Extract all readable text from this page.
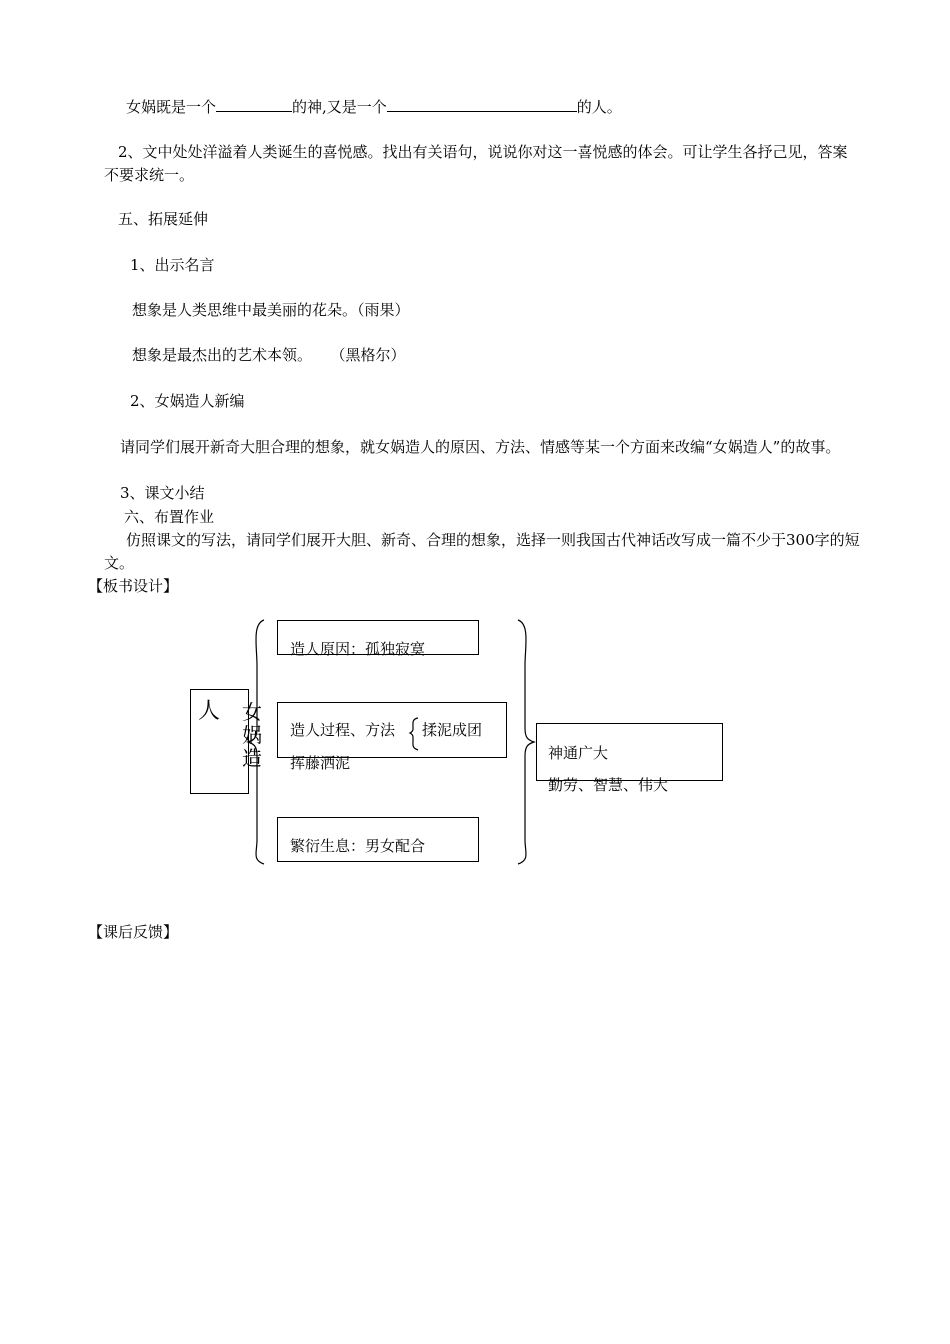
女娲既是一个	的神,又是一个	的人。
2、文中处处洋溢着人类诞生的喜悦感。找出有关语句，说说你对这一喜悦感的体会。可让学生各抒己见，答案不要求统一。
五、拓展延伸
1、出示名言
想象是人类思维中最美丽的花朵。（雨果）
想象是最杰出的艺术本领。 （黑格尔）
2、女娲造人新编
请同学们展开新奇大胆合理的想象，就女娲造人的原因、方法、情感等某一个方面来改编“女娲造人”的故事。
3、课文小结
六、布置作业
仿照课文的写法，请同学们展开大胆、新奇、合理的想象，选择一则我国古代神话改写成一篇不少于300字的短文。
【板书设计】
人 女
娲
造
造人原因：孤独寂寞
造人过程、方法 揉泥成团
挥藤洒泥
繁衍生息：男女配合
神通广大
勤劳、智慧、伟大
【课后反馈】
